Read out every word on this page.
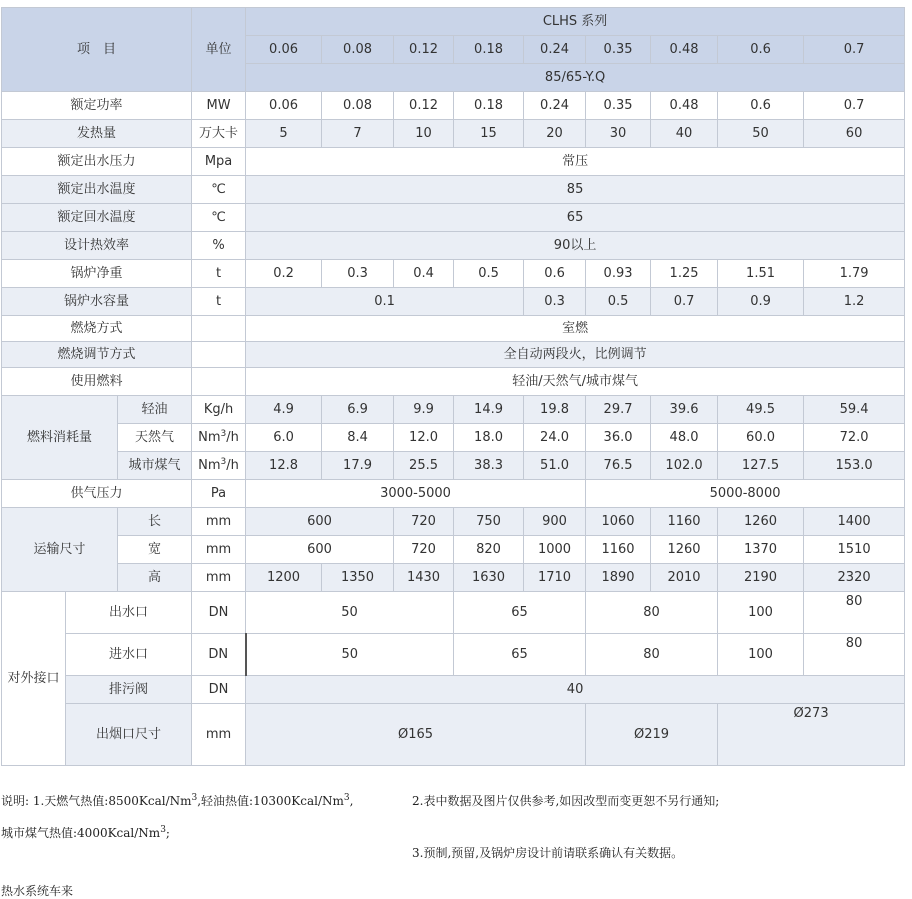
项　目			单位	CLHS 系列								
				0.06	0.08	0.12	0.18	0.24	0.35	0.48	0.6	0.7
				85/65-Y.Q								
额定功率			MW	0.06	0.08	0.12	0.18	0.24	0.35	0.48	0.6	0.7
发热量			万大卡	5	7	10	15	20	30	40	50	60
额定出水压力			Mpa	常压								
额定出水温度			℃	85								
额定回水温度			℃	65								
设计热效率			%	90以上								
锅炉净重			t	0.2	0.3	0.4	0.5	0.6	0.93	1.25	1.51	1.79
锅炉水容量			t	0.1				0.3	0.5	0.7	0.9	1.2
燃烧方式				室燃								
燃烧调节方式				全自动两段火，比例调节								
使用燃料				轻油/天然气/城市煤气								
燃料消耗量		轻油	Kg/h	4.9	6.9	9.9	14.9	19.8	29.7	39.6	49.5	59.4
		天然气	Nm$^3$/h	6.0	8.4	12.0	18.0	24.0	36.0	48.0	60.0	72.0
		城市煤气	Nm$^3$/h	12.8	17.9	25.5	38.3	51.0	76.5	102.0	127.5	153.0
供气压力			Pa	3000-5000					5000-8000			
运输尺寸		长	mm	600		720	750	900	1060	1160	1260	1400
		宽	mm	600		720	820	1000	1160	1260	1370	1510
		高	mm	1200	1350	1430	1630	1710	1890	2010	2190	2320
对外接口	出水口		DN	50			65		80		100	80
	进水口		DN	50			65		80		100	80
	排污阀		DN	40								
	出烟口尺寸		mm	Ø165					Ø219		Ø273	
说明: 1.天燃气热值:8500Kcal/Nm$^3$,轻油热值:10300Kcal/Nm$^3$,	2.表中数据及图片仅供参考,如因改型而变更恕不另行通知;
城市煤气热值:4000Kcal/Nm$^3$;
3.预制,预留,及锅炉房设计前请联系确认有关数据。
热水系统车来
